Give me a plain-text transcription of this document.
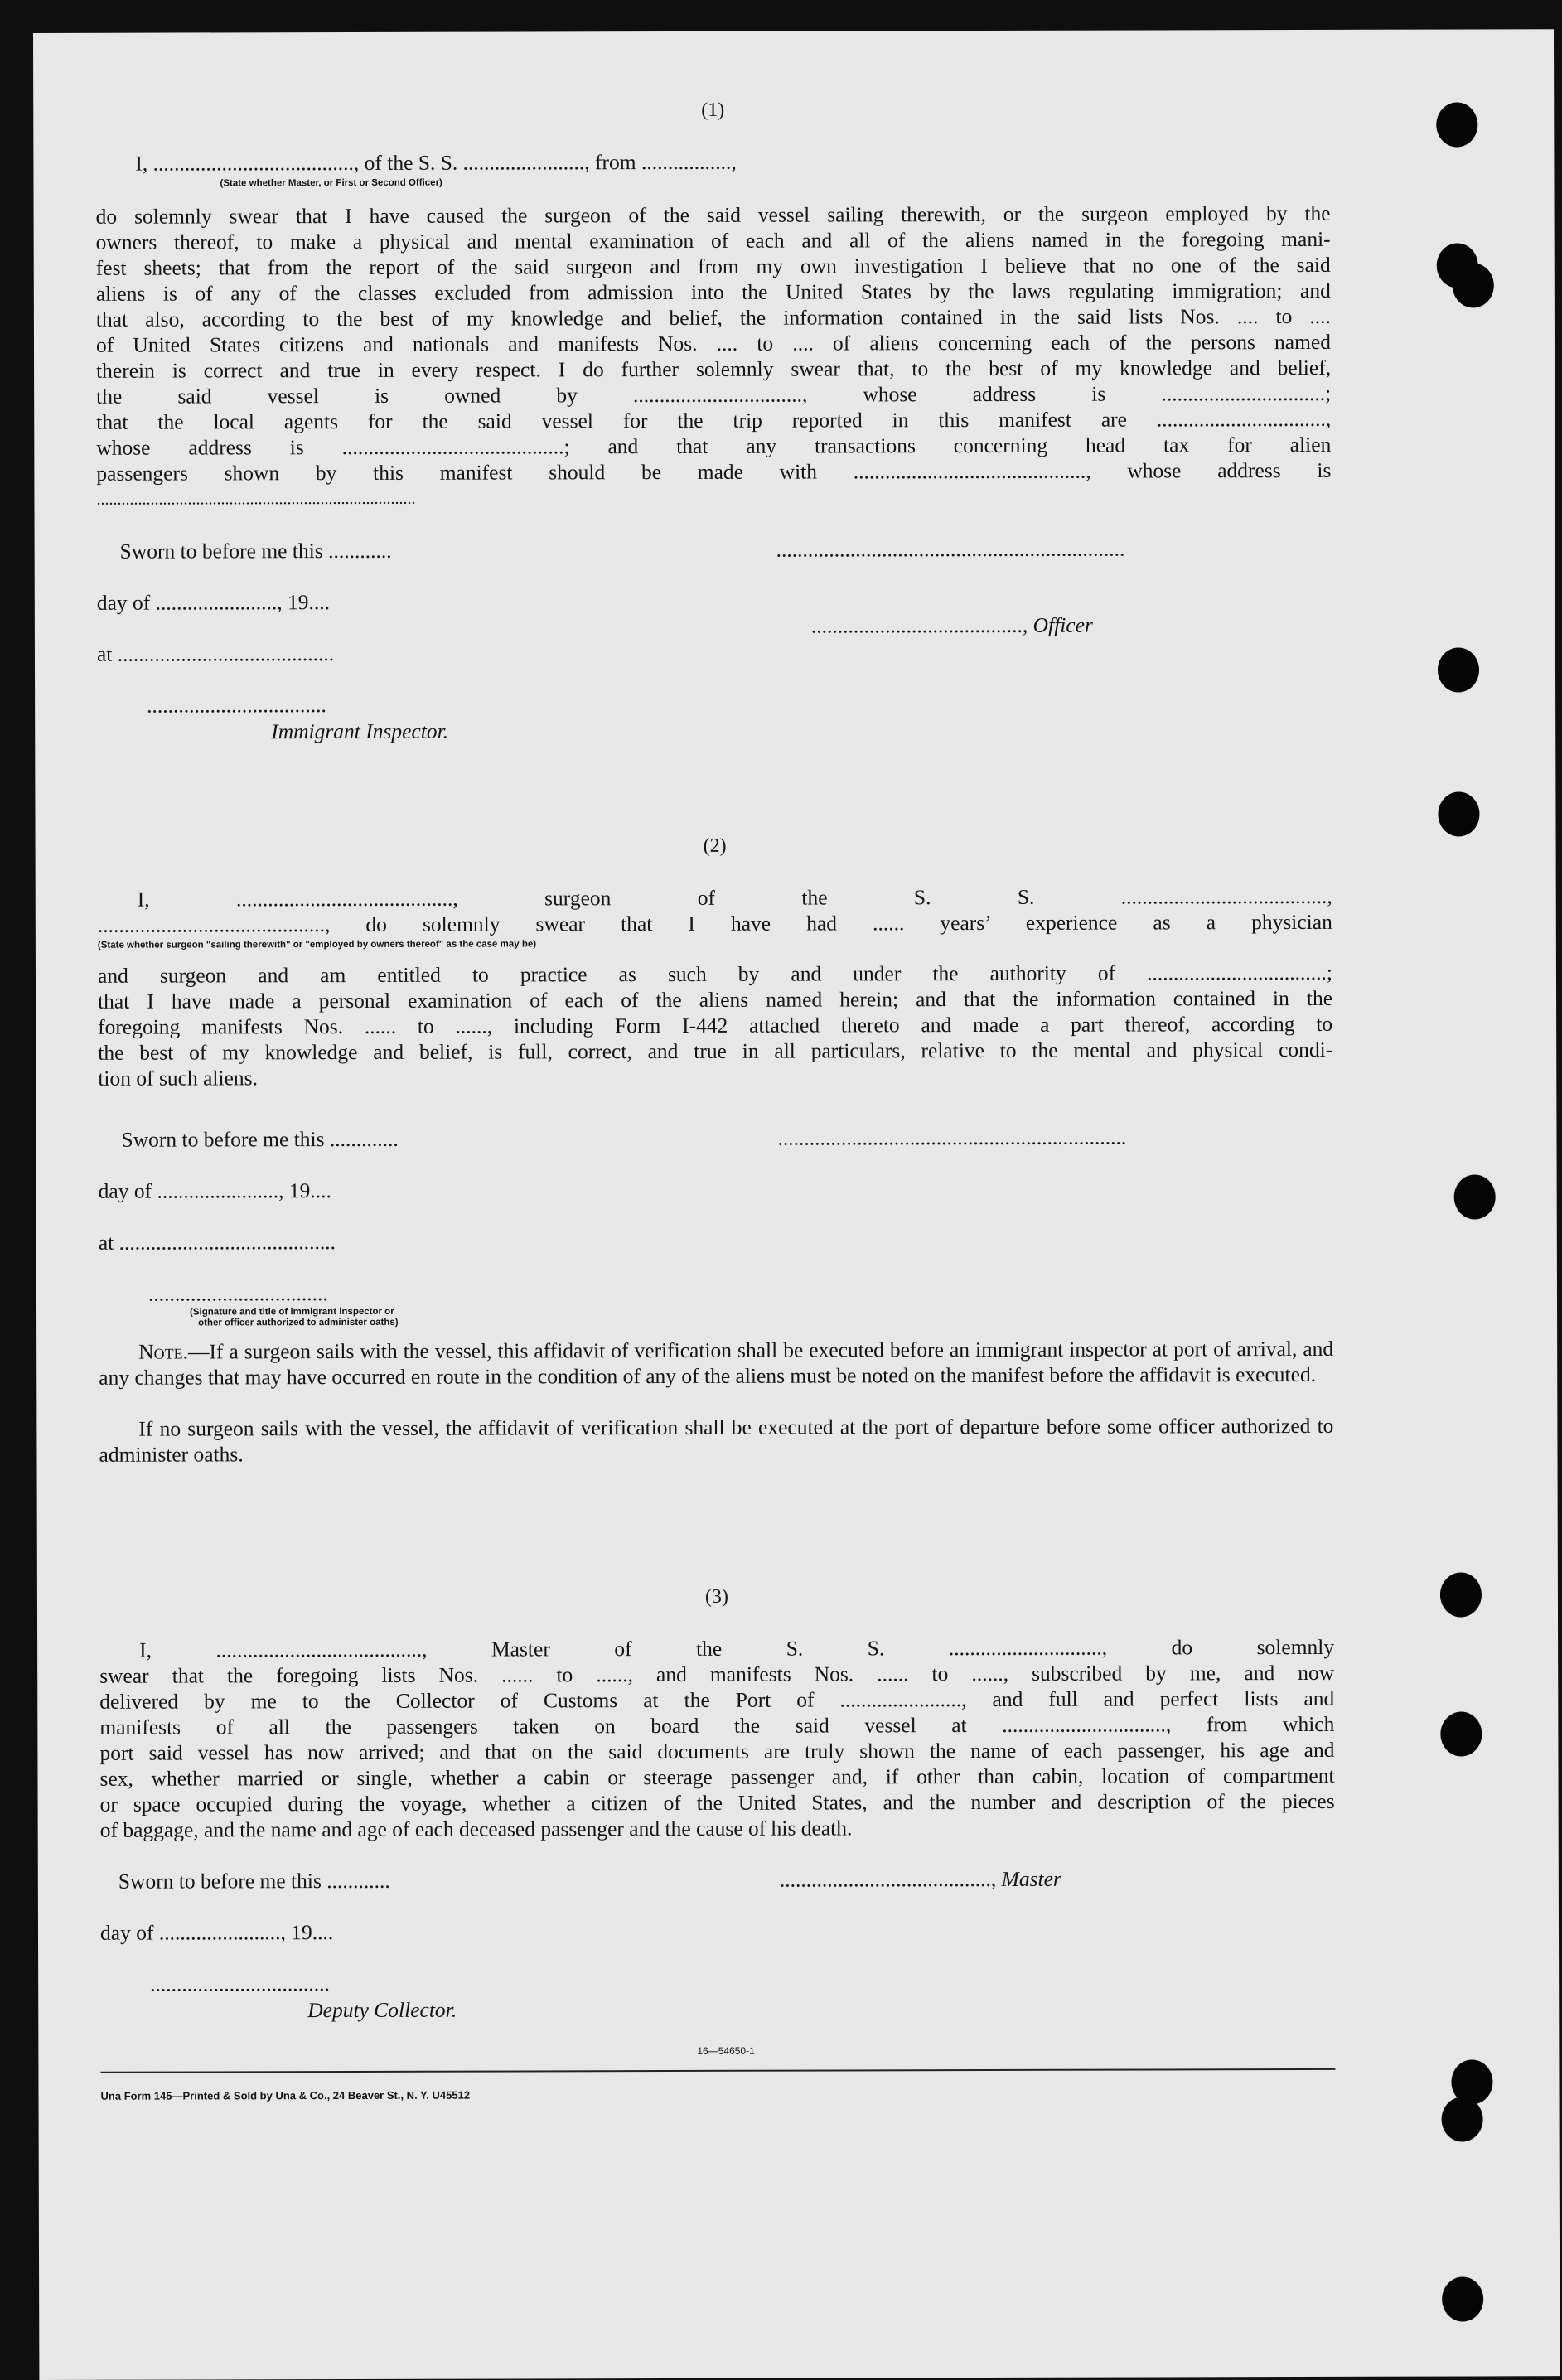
(1)
I, ......................................, of the S. S. ......................., from .................,
(State whether Master, or First or Second Officer)
do solemnly swear that I have caused the surgeon of the said vessel sailing therewith, or the surgeon employed by the
owners thereof, to make a physical and mental examination of each and all of the aliens named in the foregoing mani-
fest sheets; that from the report of the said surgeon and from my own investigation I believe that no one of the said
aliens is of any of the classes excluded from admission into the United States by the laws regulating immigration; and
that also, according to the best of my knowledge and belief, the information contained in the said lists Nos. .... to ....
of United States citizens and nationals and manifests Nos. .... to .... of aliens concerning each of the persons named
therein is correct and true in every respect. I do further solemnly swear that, to the best of my knowledge and belief,
the said vessel is owned by ................................, whose address is ...............................;
that the local agents for the said vessel for the trip reported in this manifest are ................................,
whose address is ..........................................; and that any transactions concerning head tax for alien
passengers shown by this manifest should be made with ............................................, whose address is
.............................................................................
Sworn to before me this ............	..................................................................
day of ......................., 19....
........................................, Officer
at .........................................
..................................
Immigrant Inspector.
(2)
I, ........................................., surgeon of the S. S. .......................................,
..........................................., do solemnly swear that I have had ...... years’ experience as a physician
(State whether surgeon "sailing therewith" or "employed by owners thereof" as the case may be)
and surgeon and am entitled to practice as such by and under the authority of ..................................;
that I have made a personal examination of each of the aliens named herein; and that the information contained in the
foregoing manifests Nos. ...... to ......, including Form I-442 attached thereto and made a part thereof, according to
the best of my knowledge and belief, is full, correct, and true in all particulars, relative to the mental and physical condi-
tion of such aliens.
Sworn to before me this .............	..................................................................
day of ......................., 19....
at .........................................
..................................
(Signature and title of immigrant inspector or
other officer authorized to administer oaths)
Note.—If a surgeon sails with the vessel, this affidavit of verification shall be executed before an immigrant inspector at port of arrival, and any changes that may have occurred en route in the condition of any of the aliens must be noted on the manifest before the affidavit is executed.
If no surgeon sails with the vessel, the affidavit of verification shall be executed at the port of departure before some officer authorized to administer oaths.
(3)
I, ......................................., Master of the S. S. ............................., do solemnly
swear that the foregoing lists Nos. ...... to ......, and manifests Nos. ...... to ......, subscribed by me, and now
delivered by me to the Collector of Customs at the Port of ......................., and full and perfect lists and
manifests of all the passengers taken on board the said vessel at ..............................., from which
port said vessel has now arrived; and that on the said documents are truly shown the name of each passenger, his age and
sex, whether married or single, whether a cabin or steerage passenger and, if other than cabin, location of compartment
or space occupied during the voyage, whether a citizen of the United States, and the number and description of the pieces
of baggage, and the name and age of each deceased passenger and the cause of his death.
Sworn to before me this ............	........................................, Master
day of ......................., 19....
..................................
Deputy Collector.
16—54650-1
Una Form 145—Printed & Sold by Una & Co., 24 Beaver St., N. Y. U45512
